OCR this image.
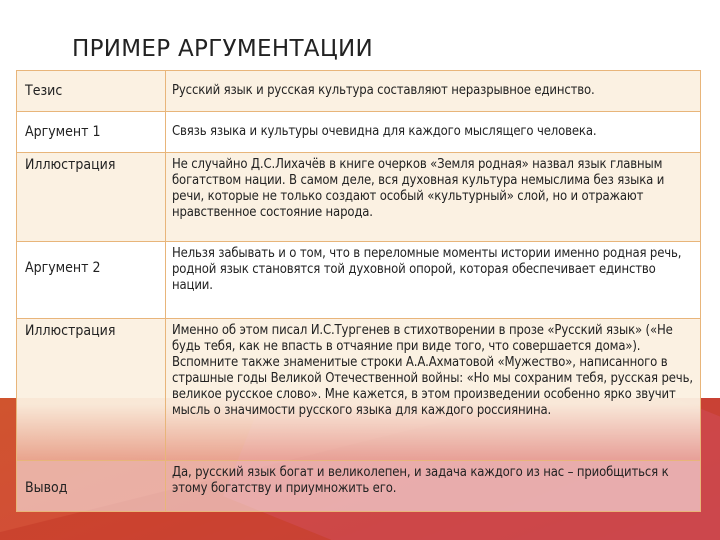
ПРИМЕР АРГУМЕНТАЦИИ
Тезис	Русский язык и русская культура составляют неразрывное единство.
Аргумент 1	Связь языка и культуры очевидна для каждого мыслящего человека.
Иллюстрация	Не случайно Д.С.Лихачёв в книге очерков «Земля родная» назвал язык главным богатством нации. В самом деле, вся духовная культура немыслима без языка и речи, которые не только создают особый «культурный» слой, но и отражают нравственное состояние народа.
Аргумент 2	Нельзя забывать и о том, что в переломные моменты истории именно родная речь, родной язык становятся той духовной опорой, которая обеспечивает единство нации.
Иллюстрация	Именно об этом писал И.С.Тургенев в стихотворении в прозе «Русский язык» («Не будь тебя, как не впасть в отчаяние при виде того, что совершается дома»). Вспомните также знаменитые строки А.А.Ахматовой «Мужество», написанного в страшные годы Великой Отечественной войны: «Но мы сохраним тебя, русская речь, великое русское слово». Мне кажется, в этом произведении особенно ярко звучит мысль о значимости русского языка для каждого россиянина.
Вывод	Да, русский язык богат и великолепен, и задача каждого из нас – приобщиться к этому богатству и приумножить его.
